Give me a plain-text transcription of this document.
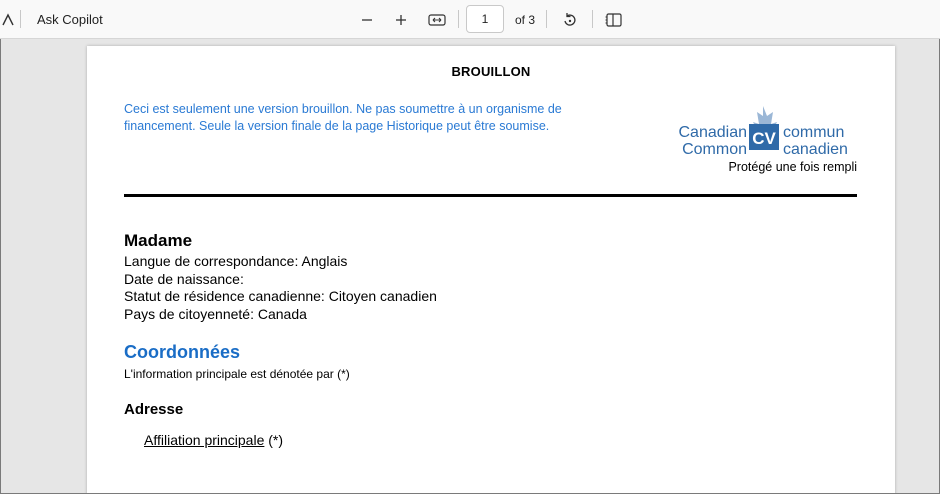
Ask Copilot
1	of 3
BROUILLON
Ceci est seulement une version brouillon. Ne pas soumettre à un organisme de financement. Seule la version finale de la page Historique peut être soumise.
CV
Canadian
Common
commun
canadien
Protégé une fois rempli
Madame
Langue de correspondance: Anglais
Date de naissance:
Statut de résidence canadienne: Citoyen canadien
Pays de citoyenneté: Canada
Coordonnées
L'information principale est dénotée par (*)
Adresse
Affiliation principale (*)
